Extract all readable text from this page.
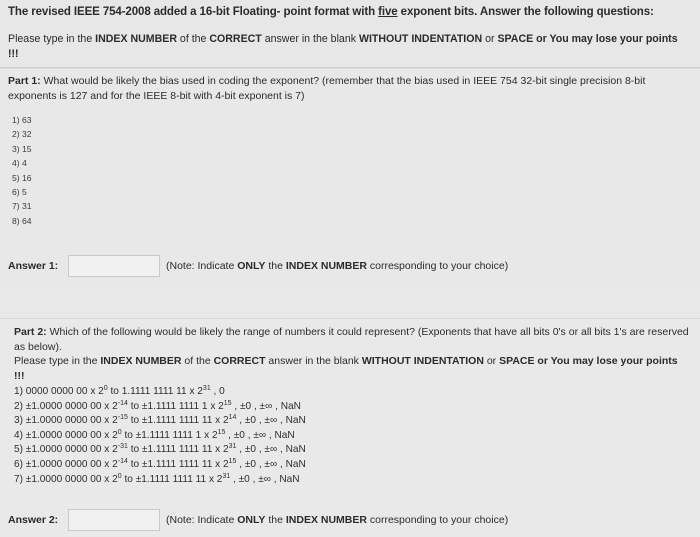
The revised IEEE 754-2008 added a 16-bit Floating- point format with five exponent bits. Answer the following questions:

Please type in the INDEX NUMBER of the CORRECT answer in the blank WITHOUT INDENTATION or SPACE or You may lose your points !!!

Part 1: What would be likely the bias used in coding the exponent? (remember that the bias used in IEEE 754 32-bit single precision 8-bit exponents is 127 and for the IEEE 8-bit with 4-bit exponent is 7)

1) 63
2) 32
3) 15
4) 4
5) 16
6) 5
7) 31
8) 64
Answer 1:	(Note: Indicate ONLY the INDEX NUMBER corresponding to your choice)

Part 2: Which of the following would be likely the range of numbers it could represent? (Exponents that have all bits 0's or all bits 1's are reserved as below).

Please type in the INDEX NUMBER of the CORRECT answer in the blank WITHOUT INDENTATION or SPACE or You may lose your points !!!

1) 0000 0000 00 x $2^0$ to 1.1111 1111 11 x $2^{31}$ , 0
2) ±1.0000 0000 00 x $2^{-14}$ to ±1.1111 1111 1 x $2^{15}$ , ±0 , ±∞ , NaN
3) ±1.0000 0000 00 x $2^{-15}$ to ±1.1111 1111 11 x $2^{14}$ , ±0 , ±∞ , NaN
4) ±1.0000 0000 00 x $2^0$ to ±1.1111 1111 1 x $2^{15}$ , ±0 , ±∞ , NaN
5) ±1.0000 0000 00 x $2^{-31}$ to ±1.1111 1111 11 x $2^{31}$ , ±0 , ±∞ , NaN
6) ±1.0000 0000 00 x $2^{-14}$ to ±1.1111 1111 11 x $2^{15}$ , ±0 , ±∞ , NaN
7) ±1.0000 0000 00 x $2^0$ to ±1.1111 1111 11 x $2^{31}$ , ±0 , ±∞ , NaN
Answer 2:	(Note: Indicate ONLY the INDEX NUMBER corresponding to your choice)
